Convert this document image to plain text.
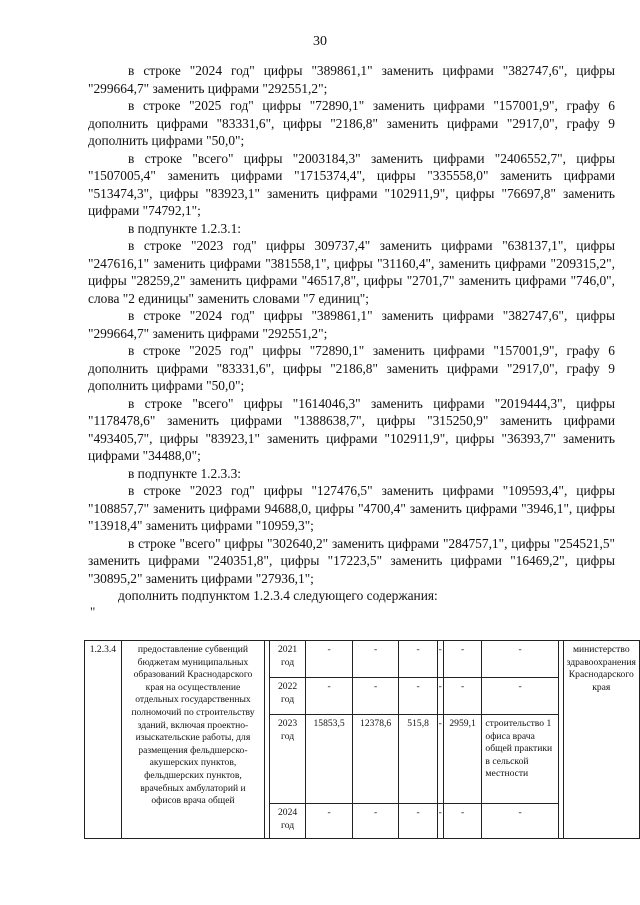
30

в строке "2024 год" цифры "389861,1" заменить цифрами "382747,6", цифры "299664,7" заменить цифрами "292551,2";

в строке "2025 год" цифры "72890,1" заменить цифрами "157001,9", графу 6 дополнить цифрами "83331,6", цифры "2186,8" заменить цифрами "2917,0", графу 9 дополнить цифрами "50,0";

в строке "всего" цифры "2003184,3" заменить цифрами "2406552,7", цифры "1507005,4" заменить цифрами "1715374,4", цифры "335558,0" заменить цифрами "513474,3", цифры "83923,1" заменить цифрами "102911,9", цифры "76697,8" заменить цифрами "74792,1";

в подпункте 1.2.3.1:

в строке "2023 год" цифры 309737,4" заменить цифрами "638137,1", цифры "247616,1" заменить цифрами "381558,1", цифры "31160,4", заменить цифрами "209315,2", цифры "28259,2" заменить цифрами "46517,8", цифры "2701,7" заменить цифрами "746,0", слова "2 единицы" заменить словами "7 единиц";

в строке "2024 год" цифры "389861,1" заменить цифрами "382747,6", цифры "299664,7" заменить цифрами "292551,2";

в строке "2025 год" цифры "72890,1" заменить цифрами "157001,9", графу 6 дополнить цифрами "83331,6", цифры "2186,8" заменить цифрами "2917,0", графу 9 дополнить цифрами "50,0";

в строке "всего" цифры "1614046,3" заменить цифрами "2019444,3", цифры "1178478,6" заменить цифрами "1388638,7", цифры "315250,9" заменить цифрами "493405,7", цифры "83923,1" заменить цифрами "102911,9", цифры "36393,7" заменить цифрами "34488,0";

в подпункте 1.2.3.3:

в строке "2023 год" цифры "127476,5" заменить цифрами "109593,4", цифры "108857,7" заменить цифрами 94688,0, цифры "4700,4" заменить цифрами "3946,1", цифры "13918,4" заменить цифрами "10959,3";

в строке "всего" цифры "302640,2" заменить цифрами "284757,1", цифры "254521,5" заменить цифрами "240351,8", цифры "17223,5" заменить цифрами "16469,2", цифры "30895,2" заменить цифрами "27936,1";

дополнить подпунктом 1.2.3.4 следующего содержания:

"
1.2.3.4	предоставление субвенций бюджетам муниципальных образований Краснодарского края на осуществление отдельных государственных полномочий по строительству зданий, включая проектно-изыскательские работы, для размещения фельдшерско-акушерских пунктов, фельдшерских пунктов, врачебных амбулаторий и офисов врача общей		2021 год	-	-	-	-	-	-		министерство здравоохранения Краснодарского края
			2022 год	-	-	-	-	-	-		
			2023 год	15853,5	12378,6	515,8	-	2959,1	строительство 1 офиса врача общей практики в сельской местности		
			2024 год	-	-	-	-	-	-		
